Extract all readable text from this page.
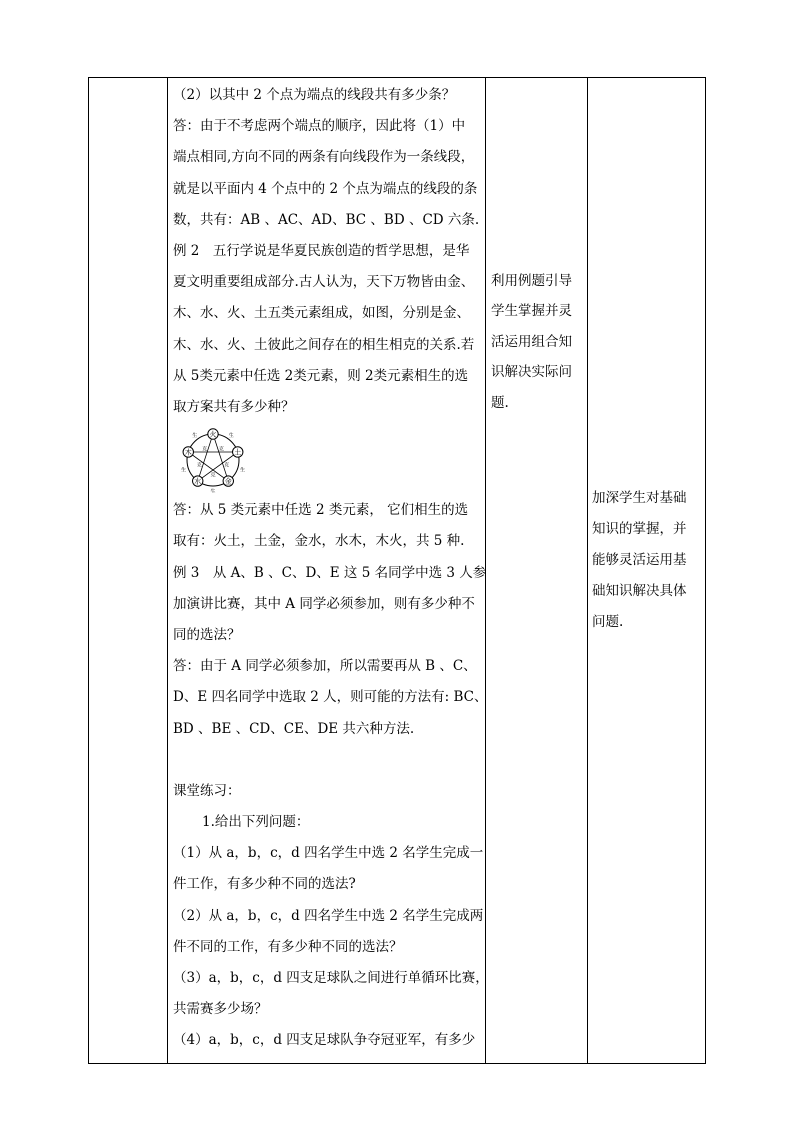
（2）以其中 2 个点为端点的线段共有多少条？

答：由于不考虑两个端点的顺序，因此将（1）中

端点相同,方向不同的两条有向线段作为一条线段，

就是以平面内 4 个点中的 2 个点为端点的线段的条

数，共有：AB 、AC、AD、BC 、BD 、CD 六条.

例 2　五行学说是华夏民族创造的哲学思想，是华

夏文明重要组成部分.古人认为，天下万物皆由金、

木、水、火、土五类元素组成，如图，分别是金、

木、水、火、土彼此之间存在的相生相克的关系.若

从 5类元素中任选 2类元素，则 2类元素相生的选

取方案共有多少种？

火
土
金
水
木
生
生
生
生
生
克
克
克
克
克

答：从 5 类元素中任选 2 类元素， 它们相生的选

取有：火土，土金，金水，水木，木火，共 5 种.

例 3　从 A、B 、C、D、E 这 5 名同学中选 3 人参

加演讲比赛，其中 A 同学必须参加，则有多少种不

同的选法？

答：由于 A 同学必须参加，所以需要再从 B 、C、

D、E 四名同学中选取 2 人，则可能的方法有: BC、

BD 、BE 、CD、CE、DE 共六种方法.

课堂练习：

1.给出下列问题：

（1）从 a，b，c，d 四名学生中选 2 名学生完成一

件工作，有多少种不同的选法?

（2）从 a，b，c，d 四名学生中选 2 名学生完成两

件不同的工作，有多少种不同的选法？

（3）a，b，c，d 四支足球队之间进行单循环比赛，

共需赛多少场？

（4）a，b，c，d 四支足球队争夺冠亚军，有多少

利用例题引导

学生掌握并灵

活运用组合知

识解决实际问

题.

加深学生对基础

知识的掌握，并

能够灵活运用基

础知识解决具体

问题.
